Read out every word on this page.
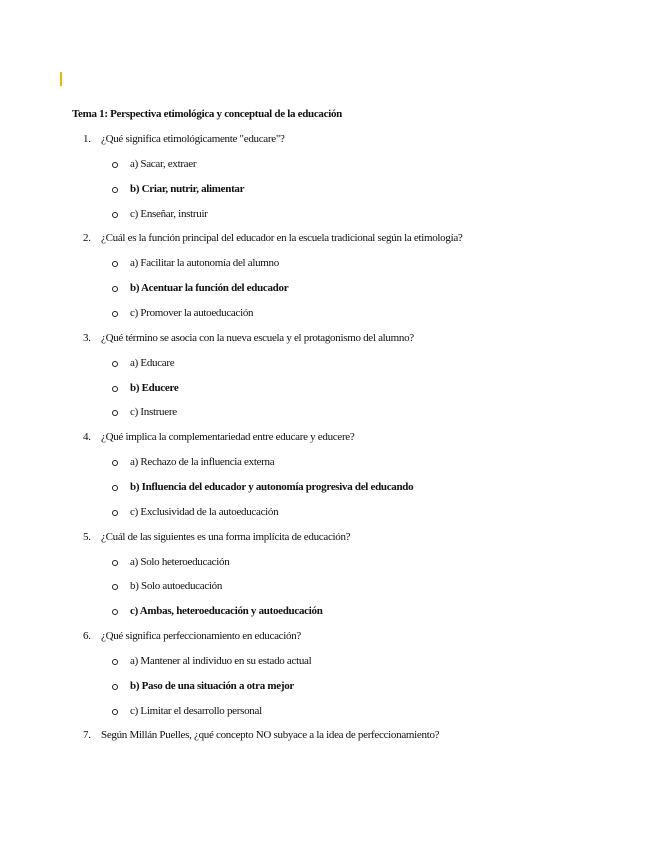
Tema 1: Perspectiva etimológica y conceptual de la educación
1. ¿Qué significa etimológicamente "educare"?
a) Sacar, extraer
b) Criar, nutrir, alimentar
c) Enseñar, instruir
2. ¿Cuál es la función principal del educador en la escuela tradicional según la etimología?
a) Facilitar la autonomía del alumno
b) Acentuar la función del educador
c) Promover la autoeducación
3. ¿Qué término se asocia con la nueva escuela y el protagonismo del alumno?
a) Educare
b) Educere
c) Instruere
4. ¿Qué implica la complementariedad entre educare y educere?
a) Rechazo de la influencia externa
b) Influencia del educador y autonomía progresiva del educando
c) Exclusividad de la autoeducación
5. ¿Cuál de las siguientes es una forma implícita de educación?
a) Solo heteroeducación
b) Solo autoeducación
c) Ambas, heteroeducación y autoeducación
6. ¿Qué significa perfeccionamiento en educación?
a) Mantener al individuo en su estado actual
b) Paso de una situación a otra mejor
c) Limitar el desarrollo personal
7. Según Millán Puelles, ¿qué concepto NO subyace a la idea de perfeccionamiento?
